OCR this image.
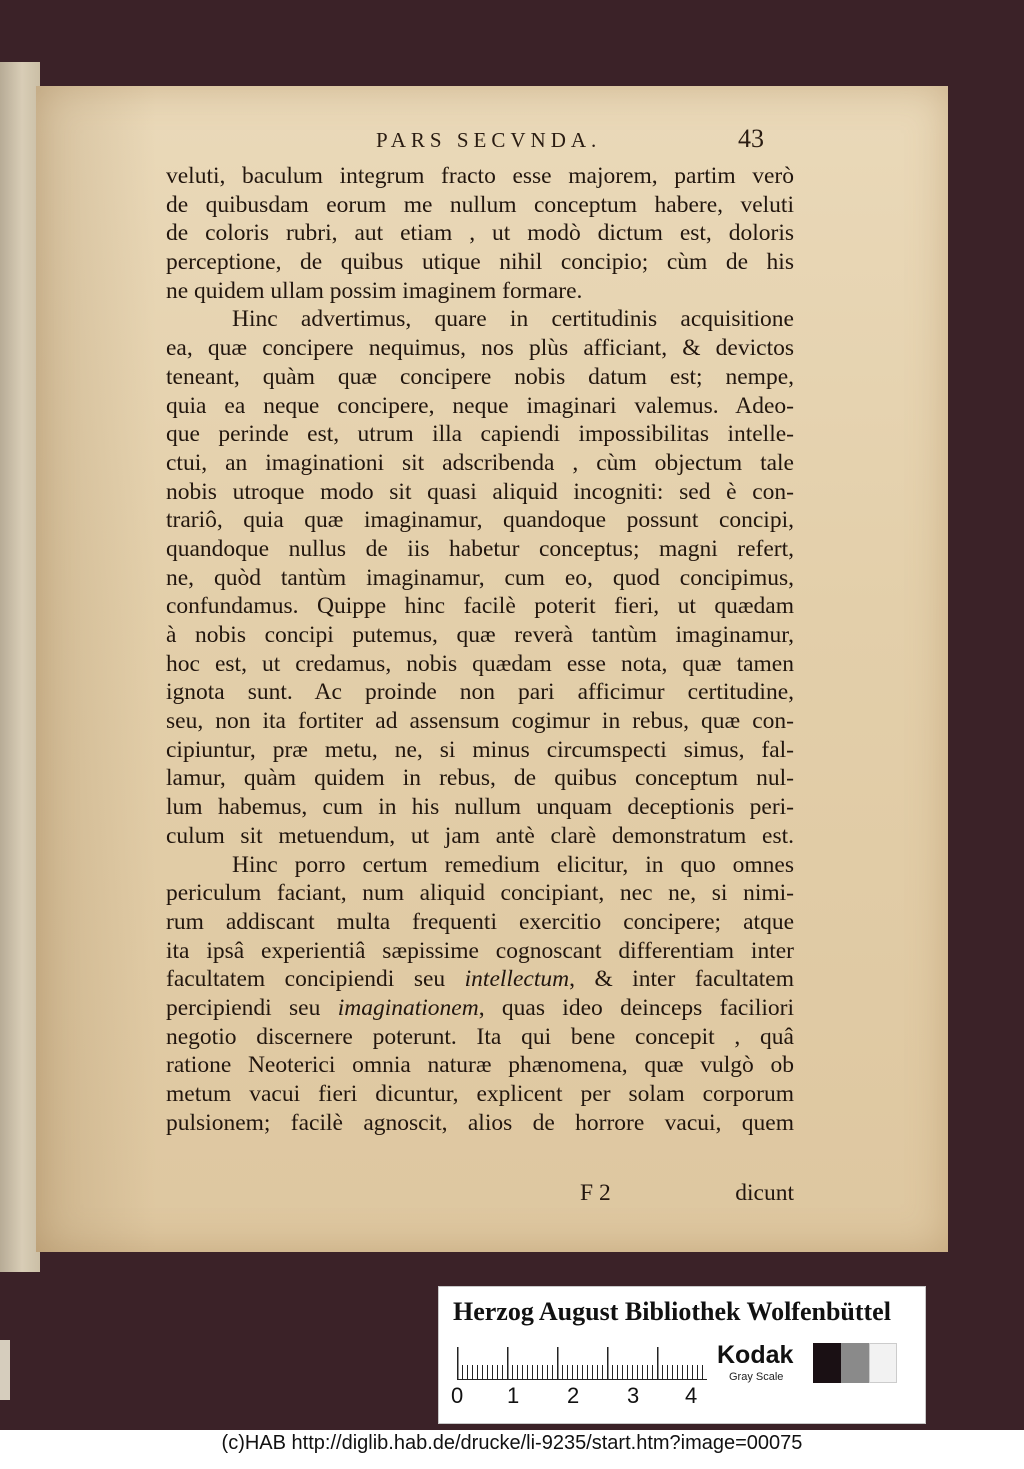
PARS SECVNDA.	43
veluti, baculum integrum fracto esse majorem, partim verò
de quibusdam eorum me nullum conceptum habere, veluti
de coloris rubri, aut etiam , ut modò dictum est, doloris
perceptione, de quibus utique nihil concipio; cùm de his
ne quidem ullam possim imaginem formare.
Hinc advertimus, quare in certitudinis acquisitione
ea, quæ concipere nequimus, nos plùs afficiant, & devictos
teneant, quàm quæ concipere nobis datum est; nempe,
quia ea neque concipere, neque imaginari valemus. Adeo-
que perinde est, utrum illa capiendi impossibilitas intelle-
ctui, an imaginationi sit adscribenda , cùm objectum tale
nobis utroque modo sit quasi aliquid incogniti: sed è con-
trariô, quia quæ imaginamur, quandoque possunt concipi,
quandoque nullus de iis habetur conceptus; magni refert,
ne, quòd tantùm imaginamur, cum eo, quod concipimus,
confundamus. Quippe hinc facilè poterit fieri, ut quædam
à nobis concipi putemus, quæ reverà tantùm imaginamur,
hoc est, ut credamus, nobis quædam esse nota, quæ tamen
ignota sunt. Ac proinde non pari afficimur certitudine,
seu, non ita fortiter ad assensum cogimur in rebus, quæ con-
cipiuntur, præ metu, ne, si minus circumspecti simus, fal-
lamur, quàm quidem in rebus, de quibus conceptum nul-
lum habemus, cum in his nullum unquam deceptionis peri-
culum sit metuendum, ut jam antè clarè demonstratum est.
Hinc porro certum remedium elicitur, in quo omnes
periculum faciant, num aliquid concipiant, nec ne, si nimi-
rum addiscant multa frequenti exercitio concipere; atque
ita ipsâ experientiâ sæpissime cognoscant differentiam inter
facultatem concipiendi seu intellectum, & inter facultatem
percipiendi seu imaginationem, quas ideo deinceps faciliori
negotio discernere poterunt. Ita qui bene concepit , quâ
ratione Neoterici omnia naturæ phænomena, quæ vulgò ob
metum vacui fieri dicuntur, explicent per solam corporum
pulsionem; facilè agnoscit, alios de horrore vacui, quem
F 2	dicunt
Herzog August Bibliothek Wolfenbüttel
0 1 2 3 4
Kodak
Gray Scale

(c)HAB http://diglib.hab.de/drucke/li-9235/start.htm?image=00075
